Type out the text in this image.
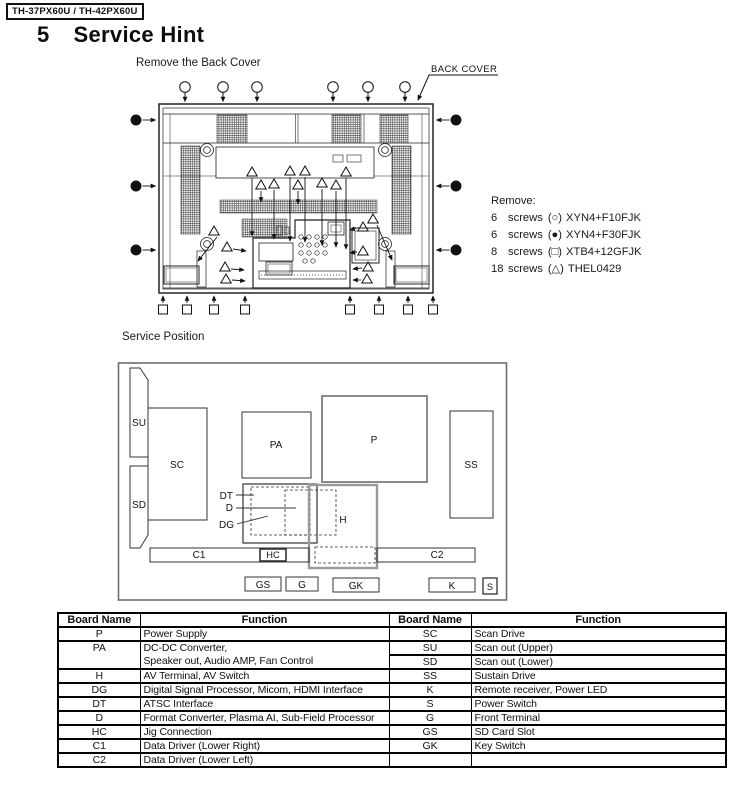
TH-37PX60U / TH-42PX60U
5 Service Hint
Remove the Back Cover
BACK COVER
Remove:
6 screws (○) XYN4+F10FJK
6 screws (●) XYN4+F30FJK
8 screws (□) XTB4+12GFJK
18 screws (△) THEL0429
Service Position
SU
SD
SC
PA	P
SS
DT
D
DG	H
C1	HC	C2
GS	G	GK	K	S
Board Name	Function	Board Name	Function
P	Power Supply	SC	Scan Drive
PA	DC-DC Converter,
Speaker out, Audio AMP, Fan Control	SU	Scan out (Upper)
		SD	Scan out (Lower)
H	AV Terminal, AV Switch	SS	Sustain Drive
DG	Digital Signal Processor, Micom, HDMI Interface	K	Remote receiver, Power LED
DT	ATSC Interface	S	Power Switch
D	Format Converter, Plasma AI, Sub-Field Processor	G	Front Terminal
HC	Jig Connection	GS	SD Card Slot
C1	Data Driver (Lower Right)	GK	Key Switch
C2	Data Driver (Lower Left)		
